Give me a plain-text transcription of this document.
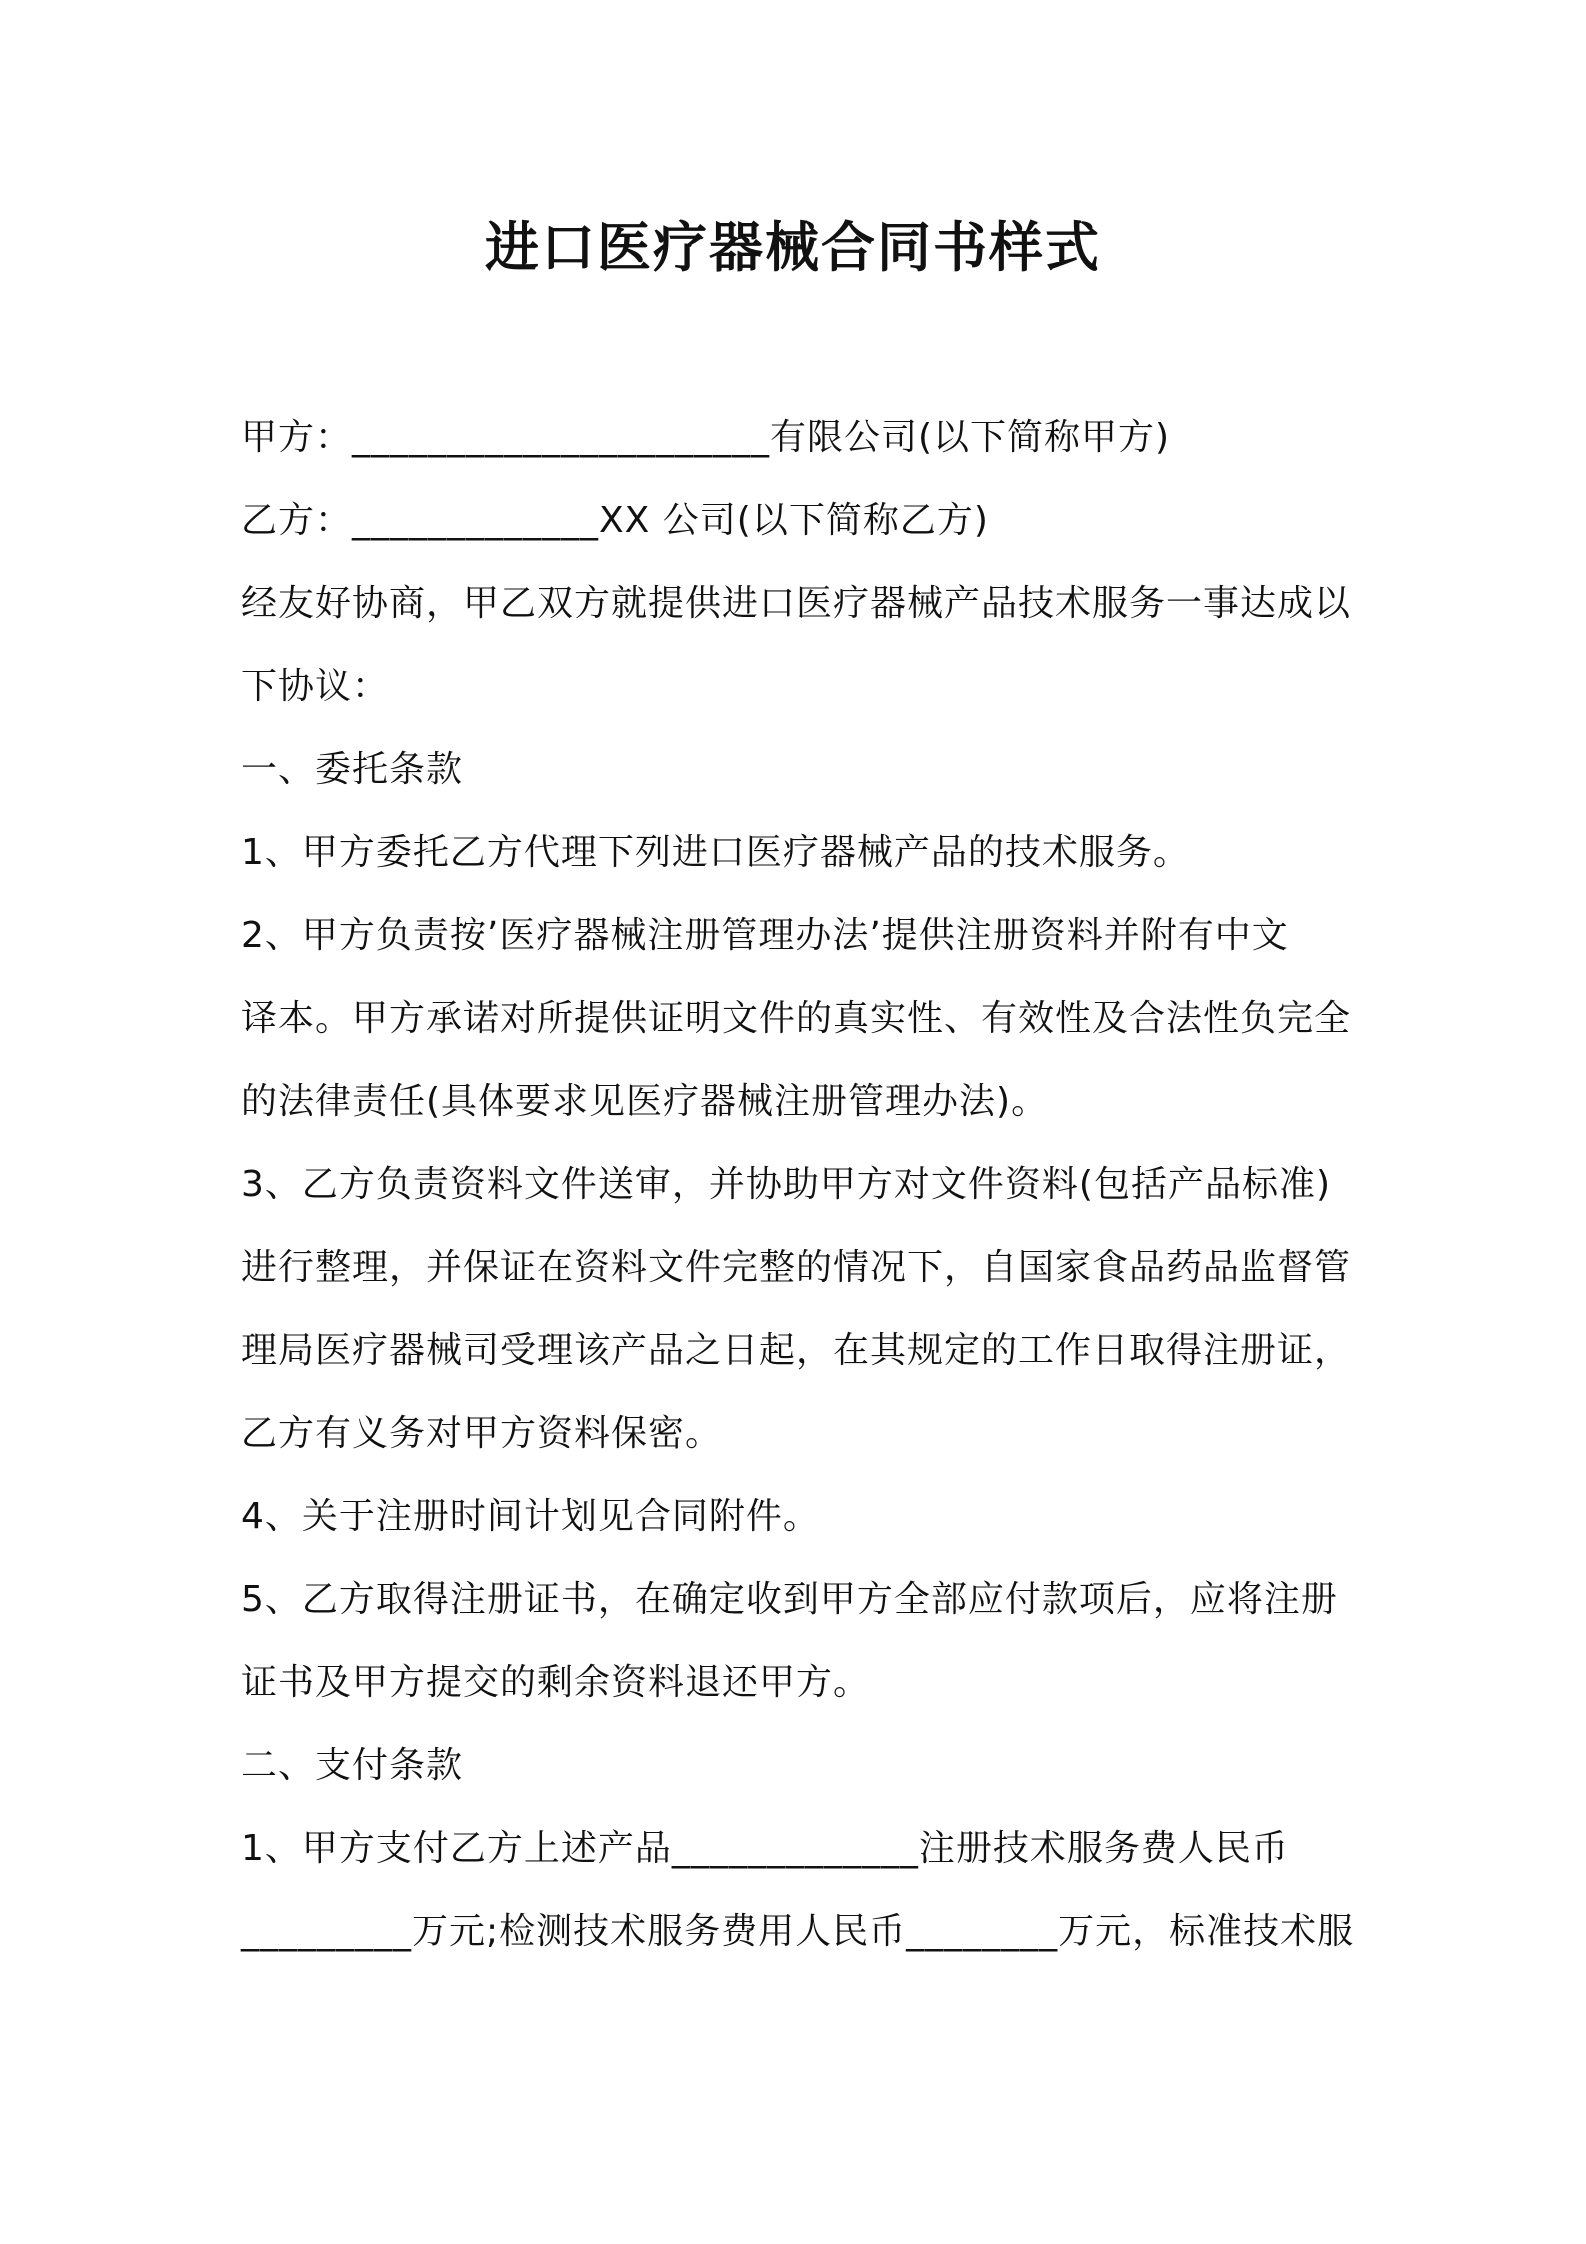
进口医疗器械合同书样式
甲方：______________________有限公司(以下简称甲方)
乙方：_____________XX 公司(以下简称乙方)
经友好协商，甲乙双方就提供进口医疗器械产品技术服务一事达成以
下协议：
一、委托条款
1、甲方委托乙方代理下列进口医疗器械产品的技术服务。
2、甲方负责按’医疗器械注册管理办法’提供注册资料并附有中文
译本。甲方承诺对所提供证明文件的真实性、有效性及合法性负完全
的法律责任(具体要求见医疗器械注册管理办法)。
3、乙方负责资料文件送审，并协助甲方对文件资料(包括产品标准)
进行整理，并保证在资料文件完整的情况下，自国家食品药品监督管
理局医疗器械司受理该产品之日起，在其规定的工作日取得注册证，
乙方有义务对甲方资料保密。
4、关于注册时间计划见合同附件。
5、乙方取得注册证书，在确定收到甲方全部应付款项后，应将注册
证书及甲方提交的剩余资料退还甲方。
二、支付条款
1、甲方支付乙方上述产品_____________注册技术服务费人民币
_________万元;检测技术服务费用人民币________万元，标准技术服
